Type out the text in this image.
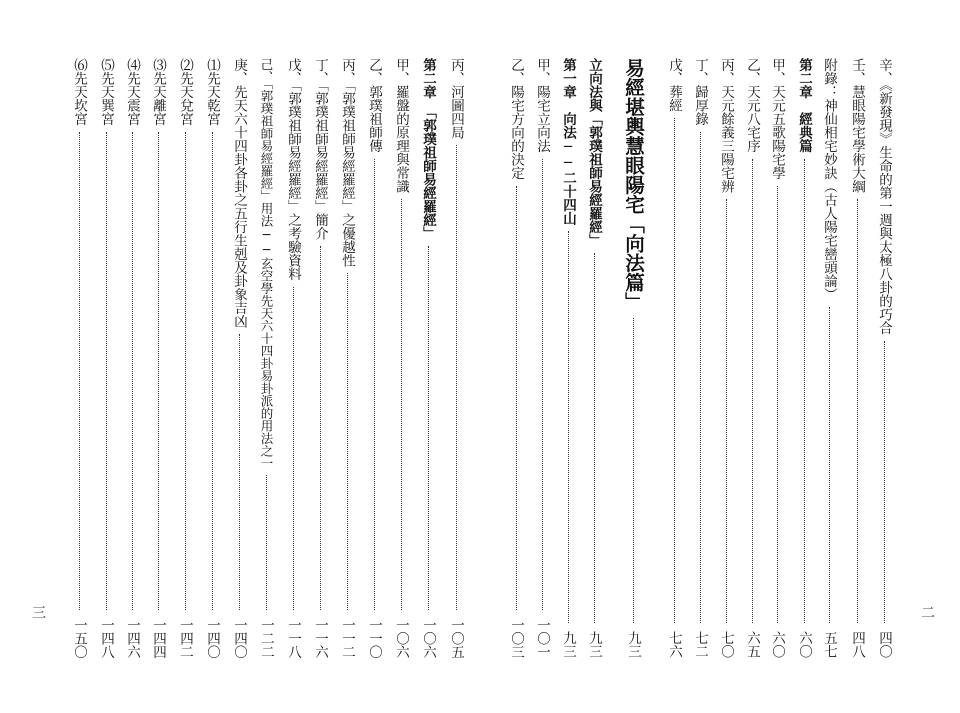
二
三
辛、《新發現》生命的第一週與太極八卦的巧合
四〇
壬、慧眼陽宅學術大綱
四八
附錄：神仙相宅妙訣（古人陽宅巒頭論）
五七
第二章　經典篇
六〇
甲、天元五歌陽宅學
六〇
乙、天元八宅序
六五
丙、天元餘義三陽宅辨
七〇
丁、歸厚錄
七二
戊、葬經
七六
易經堪輿慧眼陽宅「向法篇」
九三
立向法與「郭璞祖師易經羅經」
九三
第一章　向法──二十四山
九三
甲、陽宅立向法
一〇一
乙、陽宅方向的決定
一〇三
丙、河圖四局
一〇五
第二章　「郭璞祖師易經羅經」
一〇六
甲、羅盤的原理與常識
一〇六
乙、郭璞祖師傳
一一〇
丙、「郭璞祖師易經羅經」之優越性
一一二
丁、「郭璞祖師易經羅經」簡介
一一六
戊、「郭璞祖師易經羅經」之考驗資料
一一八
己、「郭璞祖師易經羅經」用法──玄空學先天六十四卦易卦派的用法之一
一二二
庚、先天六十四卦各卦之五行生剋及卦象吉凶
一四〇
⑴先天乾宮
一四〇
⑵先天兌宮
一四二
⑶先天離宮
一四四
⑷先天震宮
一四六
⑸先天巽宮
一四八
⑹先天坎宮
一五〇
